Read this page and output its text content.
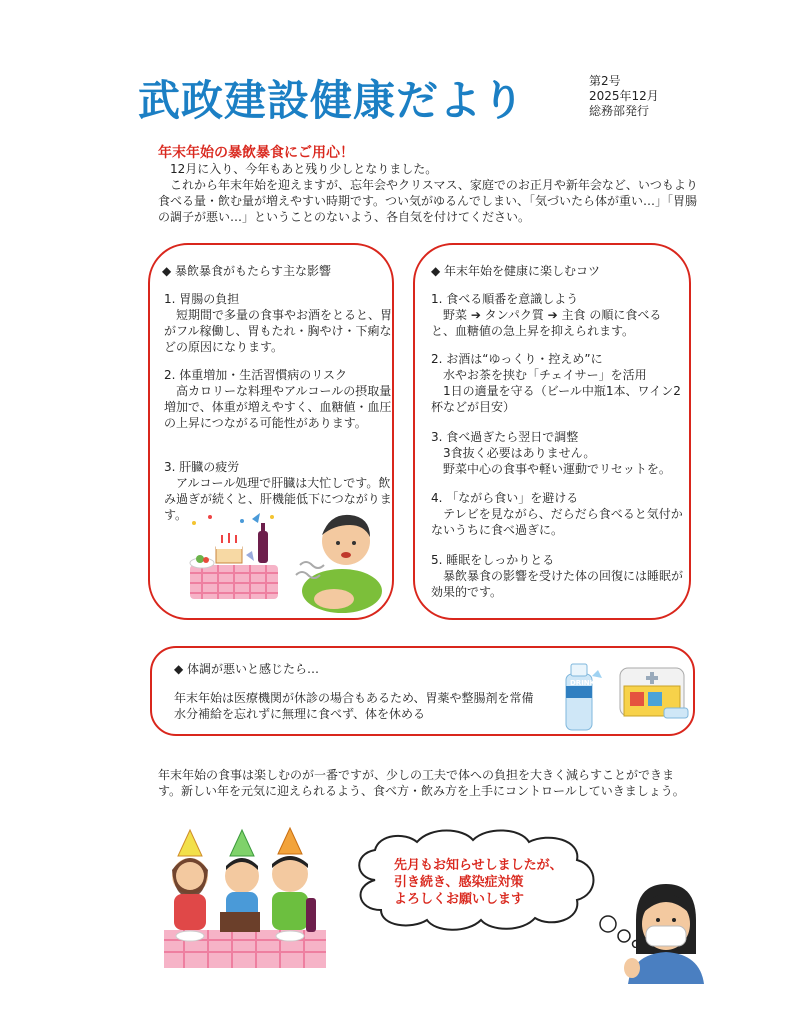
武政建設健康だより	第2号
2025年12月
総務部発行
年末年始の暴飲暴食にご用心！
12月に入り、今年もあと残り少しとなりました。
これから年末年始を迎えますが、忘年会やクリスマス、家庭でのお正月や新年会など、いつもより食べる量・飲む量が増えやすい時期です。つい気がゆるんでしまい、「気づいたら体が重い…」「胃腸の調子が悪い…」ということのないよう、各自気を付けてください。
◆ 暴飲暴食がもたらす主な影響
1. 胃腸の負担
短期間で多量の食事やお酒をとると、胃がフル稼働し、胃もたれ・胸やけ・下痢などの原因になります。
2. 体重増加・生活習慣病のリスク
高カロリーな料理やアルコールの摂取量増加で、体重が増えやすく、血糖値・血圧の上昇につながる可能性があります。
3. 肝臓の疲労
アルコール処理で肝臓は大忙しです。飲み過ぎが続くと、肝機能低下につながります。
◆ 年末年始を健康に楽しむコツ
1. 食べる順番を意識しよう
野菜 ➔ タンパク質 ➔ 主食 の順に食べると、血糖値の急上昇を抑えられます。
2. お酒は“ゆっくり・控えめ”に
水やお茶を挟む「チェイサー」を活用
1日の適量を守る（ビール中瓶1本、ワイン2杯などが目安）
3. 食べ過ぎたら翌日で調整
3食抜く必要はありません。
野菜中心の食事や軽い運動でリセットを。
4. 「ながら食い」を避ける
テレビを見ながら、だらだら食べると気付かないうちに食べ過ぎに。
5. 睡眠をしっかりとる
暴飲暴食の影響を受けた体の回復には睡眠が効果的です。
◆ 体調が悪いと感じたら…
年末年始は医療機関が休診の場合もあるため、胃薬や整腸剤を常備
水分補給を忘れずに無理に食べず、体を休める
DRINK
年末年始の食事は楽しむのが一番ですが、少しの工夫で体への負担を大きく減らすことができます。新しい年を元気に迎えられるよう、食べ方・飲み方を上手にコントロールしていきましょう。
先月もお知らせしましたが、
引き続き、感染症対策
よろしくお願いします
